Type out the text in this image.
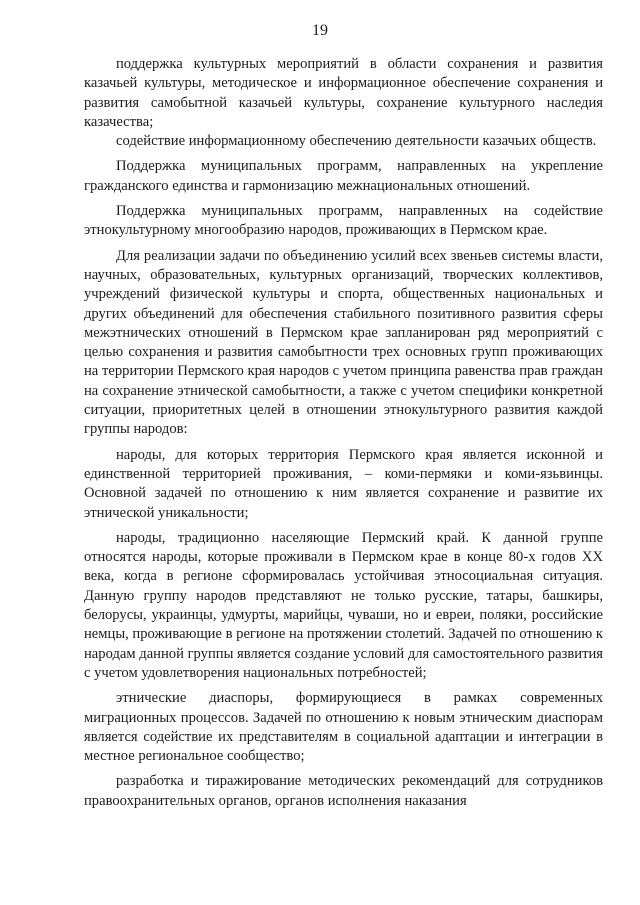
19

поддержка культурных мероприятий в области сохранения и развития казачьей культуры, методическое и информационное обеспечение сохранения и развития самобытной казачьей культуры, сохранение культурного наследия казачества;

содействие информационному обеспечению деятельности казачьих обществ.

Поддержка муниципальных программ, направленных на укрепление гражданского единства и гармонизацию межнациональных отношений.

Поддержка муниципальных программ, направленных на содействие этнокультурному многообразию народов, проживающих в Пермском крае.

Для реализации задачи по объединению усилий всех звеньев системы власти, научных, образовательных, культурных организаций, творческих коллективов, учреждений физической культуры и спорта, общественных национальных и других объединений для обеспечения стабильного позитивного развития сферы межэтнических отношений в Пермском крае запланирован ряд мероприятий с целью сохранения и развития самобытности трех основных групп проживающих на территории Пермского края народов с учетом принципа равенства прав граждан на сохранение этнической самобытности, а также с учетом специфики конкретной ситуации, приоритетных целей в отношении этнокультурного развития каждой группы народов:

народы, для которых территория Пермского края является исконной и единственной территорией проживания, – коми-пермяки и коми-язьвинцы. Основной задачей по отношению к ним является сохранение и развитие их этнической уникальности;

народы, традиционно населяющие Пермский край. К данной группе относятся народы, которые проживали в Пермском крае в конце 80-х годов XX века, когда в регионе сформировалась устойчивая этносоциальная ситуация. Данную группу народов представляют не только русские, татары, башкиры, белорусы, украинцы, удмурты, марийцы, чуваши, но и евреи, поляки, российские немцы, проживающие в регионе на протяжении столетий. Задачей по отношению к народам данной группы является создание условий для самостоятельного развития с учетом удовлетворения национальных потребностей;

этнические диаспоры, формирующиеся в рамках современных миграционных процессов. Задачей по отношению к новым этническим диаспорам является содействие их представителям в социальной адаптации и интеграции в местное региональное сообщество;

разработка и тиражирование методических рекомендаций для сотрудников правоохранительных органов, органов исполнения наказания
